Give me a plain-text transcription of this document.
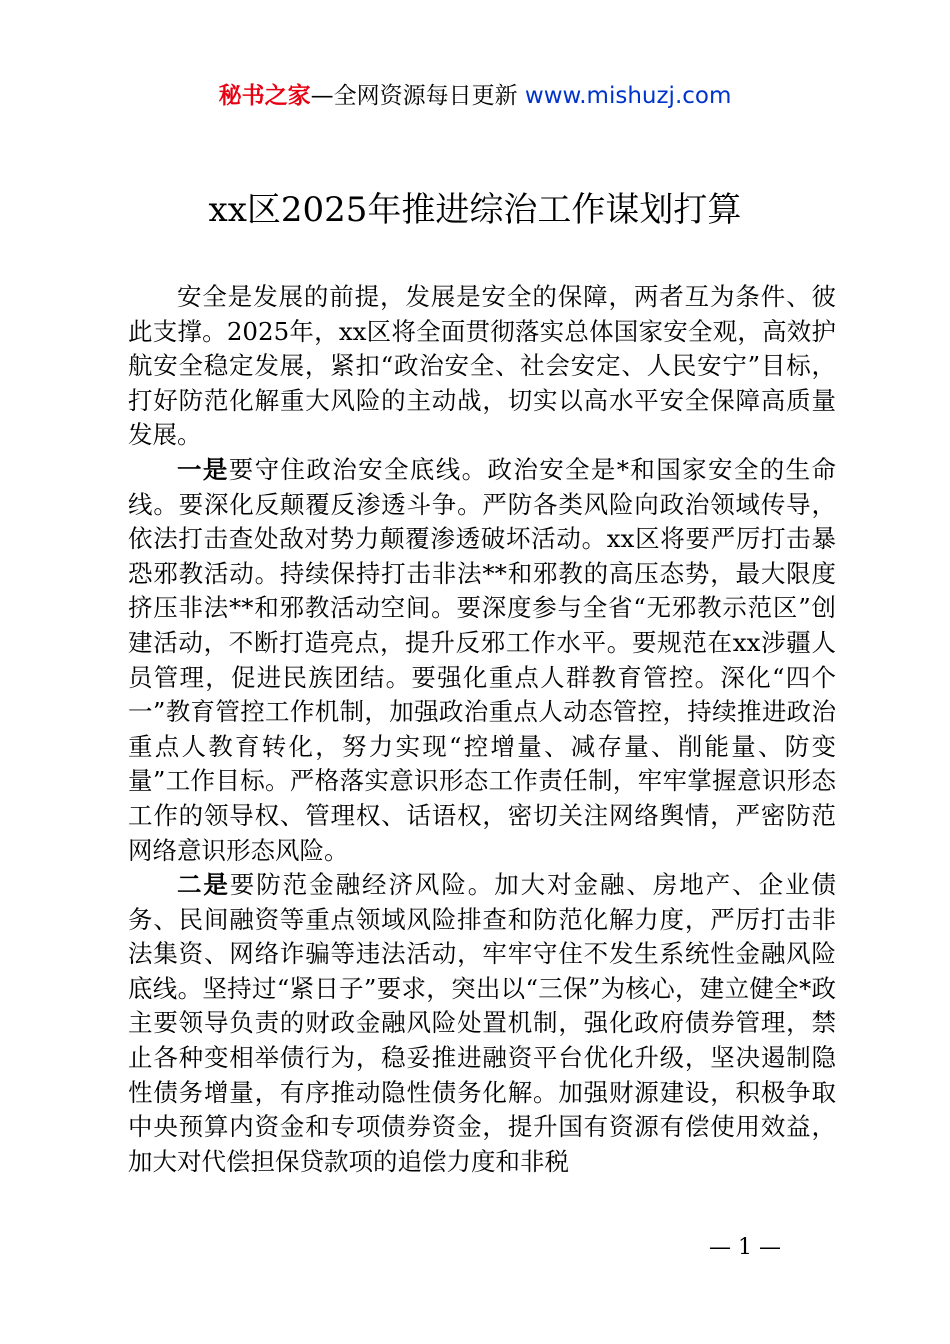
秘书之家—全网资源每日更新 www.mishuzj.com
xx区2025年推进综治工作谋划打算

安全是发展的前提，发展是安全的保障，两者互为条件、彼此支撑。2025年，xx区将全面贯彻落实总体国家安全观，高效护航安全稳定发展，紧扣“政治安全、社会安定、人民安宁”目标，打好防范化解重大风险的主动战，切实以高水平安全保障高质量发展。

一是要守住政治安全底线。政治安全是*和国家安全的生命线。要深化反颠覆反渗透斗争。严防各类风险向政治领域传导，依法打击查处敌对势力颠覆渗透破坏活动。xx区将要严厉打击暴恐邪教活动。持续保持打击非法**和邪教的高压态势，最大限度挤压非法**和邪教活动空间。要深度参与全省“无邪教示范区”创建活动，不断打造亮点，提升反邪工作水平。要规范在xx涉疆人员管理，促进民族团结。要强化重点人群教育管控。深化“四个一”教育管控工作机制，加强政治重点人动态管控，持续推进政治重点人教育转化，努力实现“控增量、减存量、削能量、防变量”工作目标。严格落实意识形态工作责任制，牢牢掌握意识形态工作的领导权、管理权、话语权，密切关注网络舆情，严密防范网络意识形态风险。

二是要防范金融经济风险。加大对金融、房地产、企业债务、民间融资等重点领域风险排查和防范化解力度，严厉打击非法集资、网络诈骗等违法活动，牢牢守住不发生系统性金融风险底线。坚持过“紧日子”要求，突出以“三保”为核心，建立健全*政主要领导负责的财政金融风险处置机制，强化政府债券管理，禁止各种变相举债行为，稳妥推进融资平台优化升级，坚决遏制隐性债务增量，有序推动隐性债务化解。加强财源建设，积极争取中央预算内资金和专项债券资金，提升国有资源有偿使用效益，加大对代偿担保贷款项的追偿力度和非税

— 1 —
